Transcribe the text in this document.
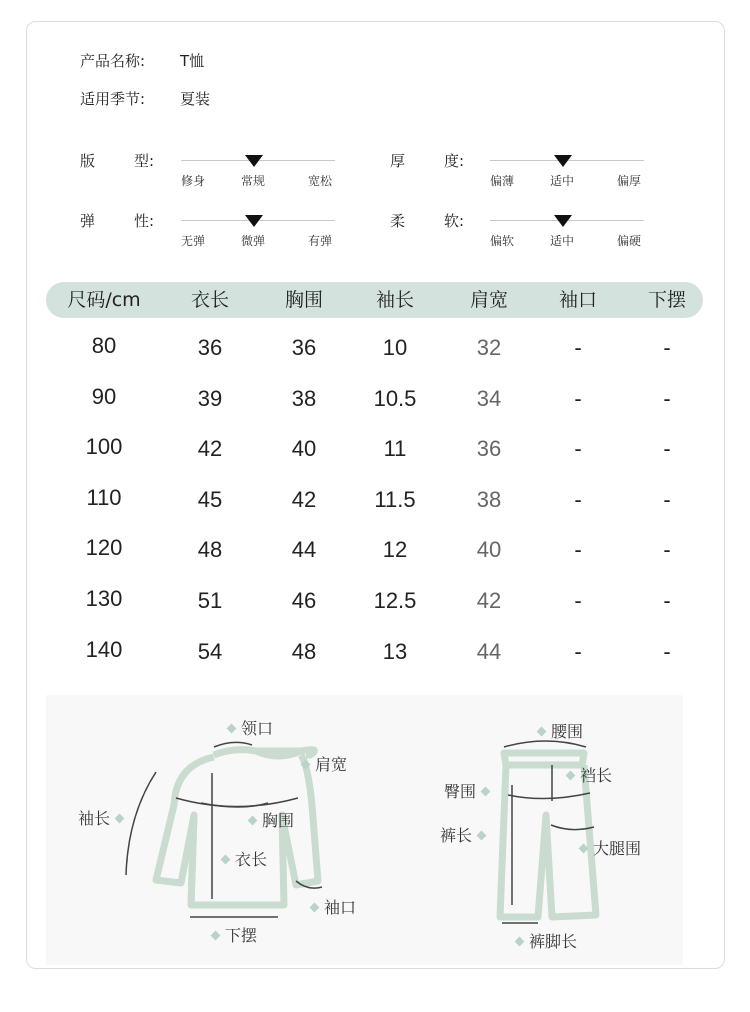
产品名称: T恤
适用季节: 夏装
版	型:
修身	常规	宽松
厚	度:
偏薄	适中	偏厚
弹	性:
无弹	微弹	有弹
柔	软:
偏软	适中	偏硬
尺码/cm	衣长	胸围	袖长	肩宽	袖口	下摆
80	36	36	10	32	-	-
90	39	38	10.5	34	-	-
100	42	40	11	36	-	-
110	45	42	11.5	38	-	-
120	48	44	12	40	-	-
130	51	46	12.5	42	-	-
140	54	48	13	44	-	-
领口
肩宽
袖长	胸围
衣长
袖口
下摆
腰围
臀围
裆长
裤长
大腿围
裤脚长
